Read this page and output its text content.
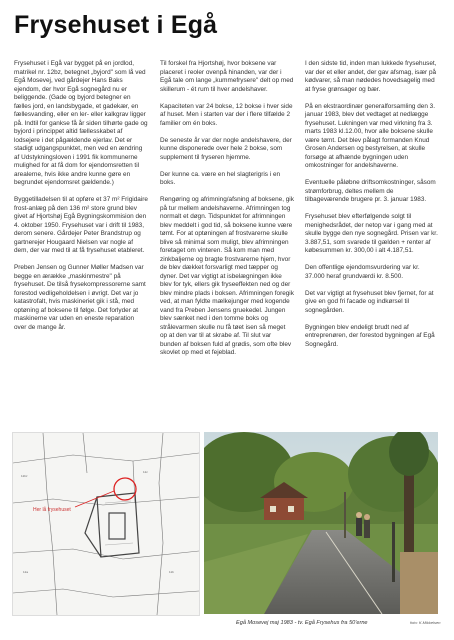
Frysehuset i Egå

Frysehuset i Egå var bygget på en jordlod, matrikel nr. 12bz, betegnet „byjord" som lå ved Egå Mosevej, ved gårdejer Hans Baks ejendom, der hvor Egå sognegård nu er beliggende. (Gade og byjord betegner en fælles jord, en landsbygade, et gadekær, en fællesvanding, eller en ler- eller kalkgrav ligger på. Indtil for gankse få år siden tilhørte gade og byjord i princippet altid fællesskabet af lodsejere i det pågældende ejerlav. Det er stadigt udgangspunktet, men ved en ændring af Udstykningsloven i 1991 fik kommunerne mulighed for at få dom for ejendomsretten til arealerne, hvis ikke andre kunne gøre en begrundet ejendomsret gældende.)

Byggetilladelsen til at opføre et 37 m² Frigidaire frost-anlæg på den 136 m² store grund blev givet af Hjortshøj Egå Bygningskommision den 4. oktober 1950. Frysehuset var i drift til 1983, derom senere. Gårdejer Peter Brandstrup og gartnerejer Hougaard Nielsen var nogle af dem, der var med til at få frysehuset etableret.

Preben Jensen og Gunner Møller Madsen var begge en ærække „maskinmestre" på frysehuset. De tilså frysekompressorerne samt forestod vedligeholdelsen i øvrigt. Det var jo katastrofalt, hvis maskineriet gik i stå, med optøning af boksene til følge. Det forlyder at maskinerne var uden en eneste reparation over de mange år.

Til forskel fra Hjortshøj, hvor boksene var placeret i reoler ovenpå hinanden, var der i Egå tale om lange „kummefrysere" delt op med skillerum - ét rum til hver andelshaver.

Kapaciteten var 24 bokse, 12 bokse i hver side af huset. Men i starten var der i flere tilfælde 2 familier om én boks.

De seneste år var der nogle andelshavere, der kunne disponerede over hele 2 bokse, som supplement til fryseren hjemme.

Der kunne ca. være en hel slagterigris i en boks.

Rengøring og afrimning/afsning af boksene, gik på tur mellem andelshaverne. Afrimningen tog normalt et døgn. Tidspunktet for afrimningen blev meddelt i god tid, så boksene kunne være tømt. For at optøningen af frostvarerne skulle blive så minimal som muligt, blev afrimningen foretaget om vinteren. Så kom man med zinkbaljerne og bragte frostvarerne hjem, hvor de blev dækket forsvarligt med tæpper og dyner. Det var vigtigt at isbelægningen ikke blev for tyk, ellers gik fryseeffekten ned og der blev mindre plads i boksen. Afrimningen foregik ved, at man fyldte mælkejunger med kogende vand fra Preben Jensens gruekedel. Jungen blev sænket ned i den tomme boks og strålevarmen skulle nu få tøet isen så meget op at den var til at skrabe af. Til slut var bunden af boksen fuld af grødis, som ofte blev skovlet op med et fejeblad.

I den sidste tid, inden man lukkede frysehuset, var der et eller andet, der gav afsmag, især på kødvarer, så man nødedes hovedsagelig med at fryse grønsager og bær.

På en ekstraordinær generalforsamling den 3. januar 1983, blev det vedtaget at nedlægge frysehuset. Lukningen var med virkning fra 3. marts 1983 kl.12.00, hvor alle boksene skulle være tømt. Det blev pålagt formanden Knud Grosen Andersen og bestyrelsen, at skulle forsøge at afhænde bygningen uden omkostninger for andelshaverne.

Eventuelle påløbne driftsomkostninger, såsom strømforbrug, deltes mellem de tilbageværende brugere pr. 3. januar 1983.

Frysehuset blev efterfølgende solgt til menighedsrådet, der netop var i gang med at skulle bygge den nye sognegård. Prisen var kr. 3.887,51, som svarede til gælden + renter af købesummen kr. 300,00 i alt 4.187,51.

Den offentlige ejendomsvurdering var kr. 37.000 heraf grundværdi kr. 8.500.

Det var vigtigt at frysehuset blev fjernet, for at give en god fri facade og indkørsel til sognegården.

Bygningen blev endeligt brudt ned af entreprenøren, der forestod bygningen af Egå Sognegård.

Her lå frysehuset
12bz
12c
12a	11b
Egå Mosevej maj 1983 - tv. Egå Frysehus fra 50'erne	foto: K.Mikkelsen
